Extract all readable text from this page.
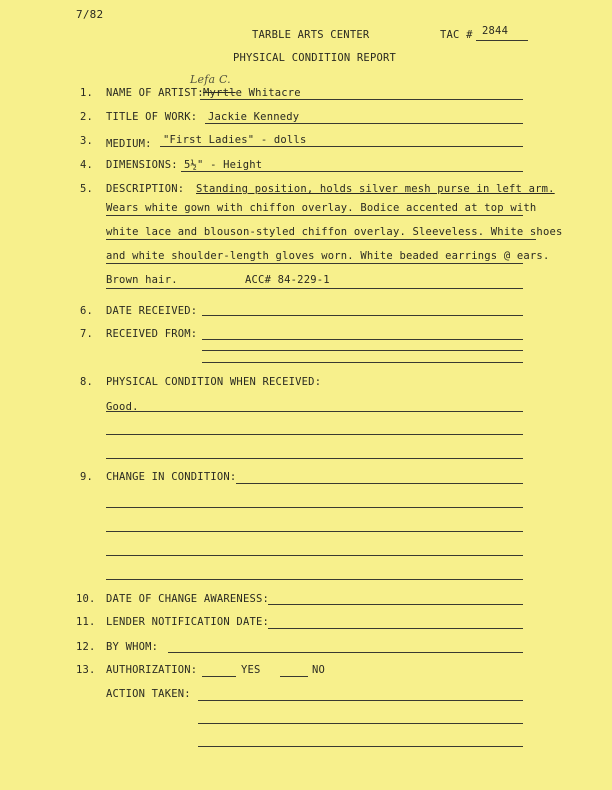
7/82
TARBLE ARTS CENTER	TAC # 2844
PHYSICAL CONDITION REPORT
Lefa C.
1. NAME OF ARTIST: Myrtle Whitacre
2. TITLE OF WORK: Jackie Kennedy
3. MEDIUM: "First Ladies" - dolls
4. DIMENSIONS: 5½" - Height
5. DESCRIPTION: Standing position, holds silver mesh purse in left arm.
Wears white gown with chiffon overlay. Bodice accented at top with
white lace and blouson-styled chiffon overlay. Sleeveless. White shoes
and white shoulder-length gloves worn. White beaded earrings @ ears.
Brown hair.	ACC# 84-229-1
6. DATE RECEIVED:
7. RECEIVED FROM:
8. PHYSICAL CONDITION WHEN RECEIVED:
Good.
9. CHANGE IN CONDITION:
10. DATE OF CHANGE AWARENESS:
11. LENDER NOTIFICATION DATE:
12. BY WHOM:
13. AUTHORIZATION:	YES	NO
ACTION TAKEN:
